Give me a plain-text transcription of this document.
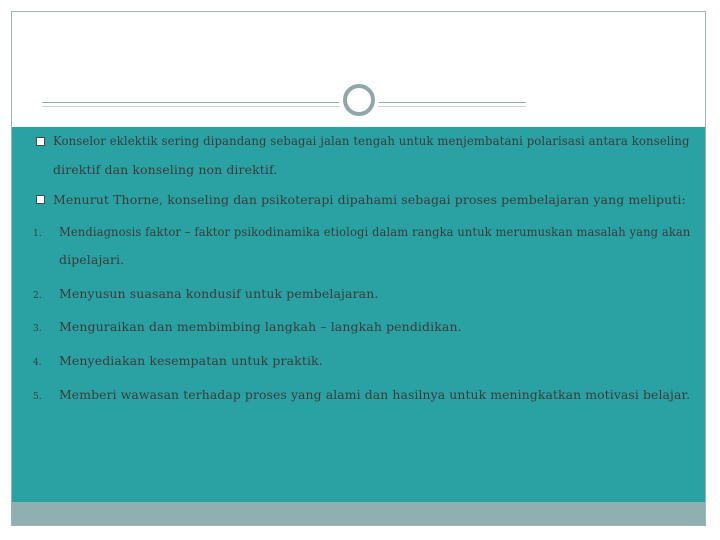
Konselor eklektik sering dipandang sebagai jalan tengah untuk menjembatani polarisasi antara konseling
direktif dan konseling non direktif.
Menurut Thorne, konseling dan psikoterapi dipahami sebagai proses pembelajaran yang meliputi:
1. Mendiagnosis faktor – faktor psikodinamika etiologi dalam rangka untuk merumuskan masalah yang akan
dipelajari.
2. Menyusun suasana kondusif untuk pembelajaran.
3. Menguraikan dan membimbing langkah – langkah pendidikan.
4. Menyediakan kesempatan untuk praktik.
5. Memberi wawasan terhadap proses yang alami dan hasilnya untuk meningkatkan motivasi belajar.
